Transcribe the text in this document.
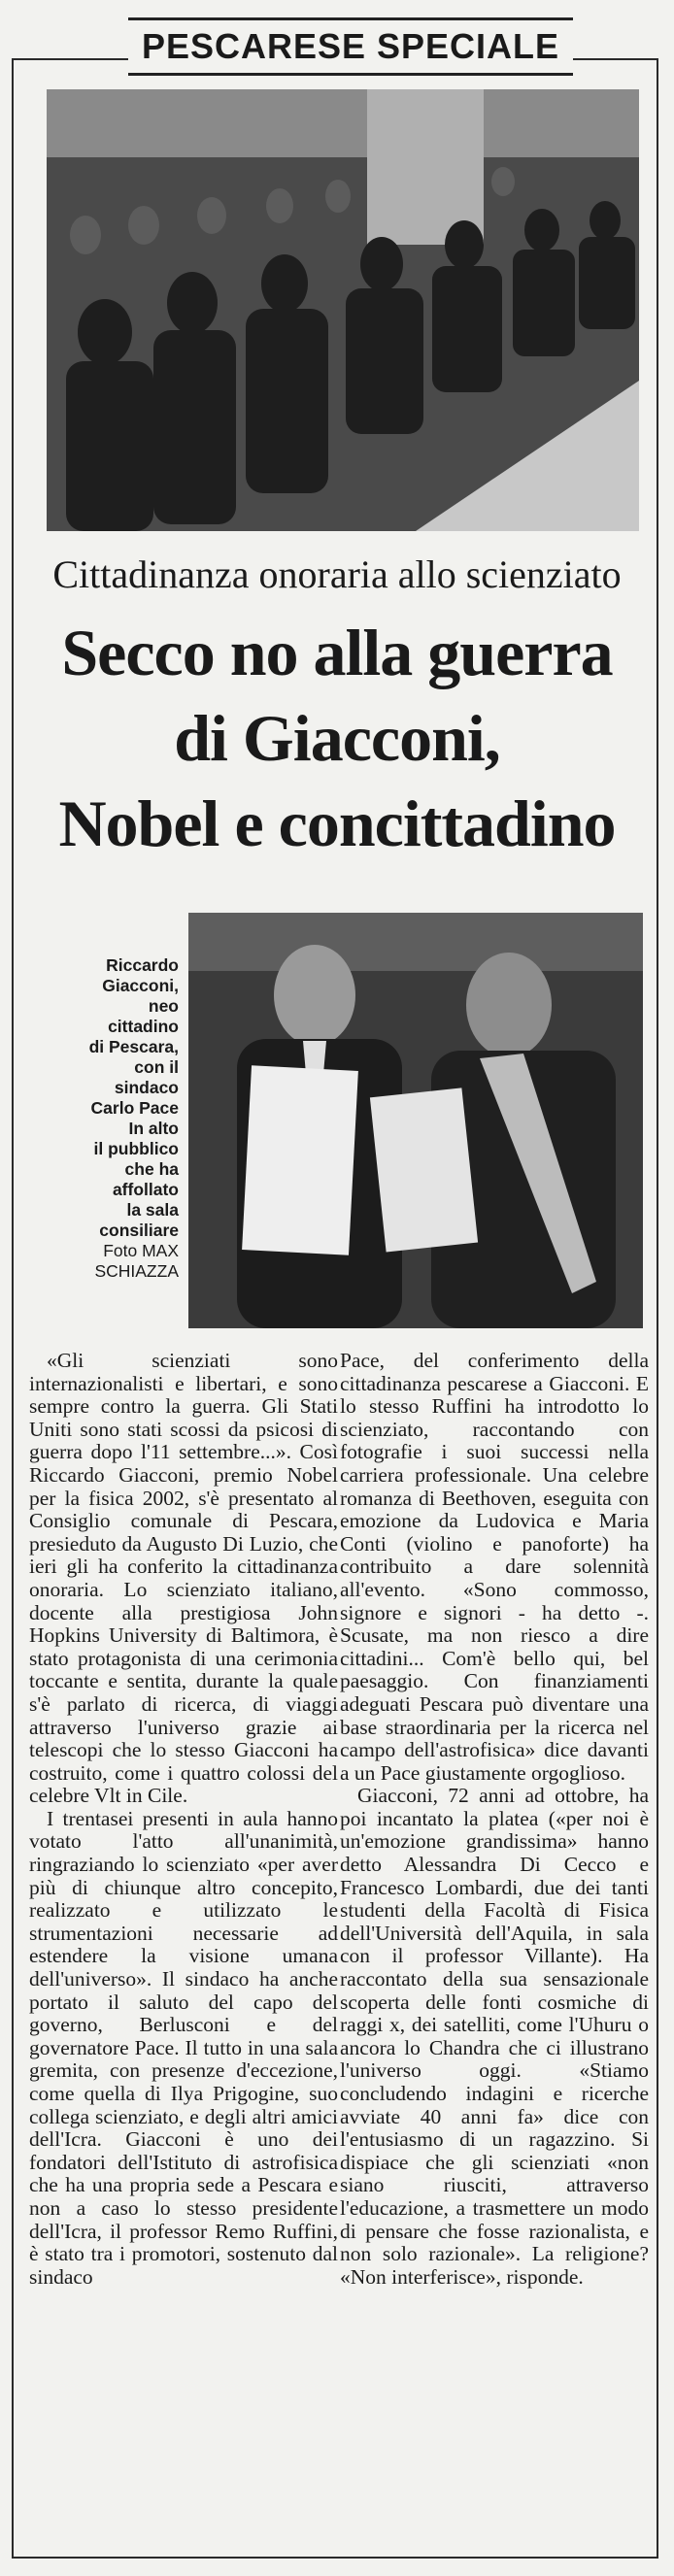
PESCARESE SPECIALE
Cittadinanza onoraria allo scienziato
Secco no alla guerra
di Giacconi,
Nobel e concittadino
Riccardo
Giacconi,
neo
cittadino
di Pescara,
con il
sindaco
Carlo Pace
In alto
il pubblico
che ha
affollato
la sala
consiliare
Foto MAX
SCHIAZZA

«Gli scienziati sono internazionalisti e libertari, e sono sempre contro la guerra. Gli Stati Uniti sono stati scossi da psicosi di guerra dopo l'11 settembre...». Così Riccardo Giacconi, premio Nobel per la fisica 2002, s'è presentato al Consiglio comunale di Pescara, presieduto da Augusto Di Luzio, che ieri gli ha conferito la cittadinanza onoraria. Lo scienziato italiano, docente alla prestigiosa John Hopkins University di Baltimora, è stato protagonista di una cerimonia toccante e sentita, durante la quale s'è parlato di ricerca, di viaggi attraverso l'universo grazie ai telescopi che lo stesso Giacconi ha costruito, come i quattro colossi del celebre Vlt in Cile.

I trentasei presenti in aula hanno votato l'atto all'unanimità, ringraziando lo scienziato «per aver più di chiunque altro concepito, realizzato e utilizzato le strumentazioni necessarie ad estendere la visione umana dell'universo». Il sindaco ha anche portato il saluto del capo del governo, Berlusconi e del governatore Pace. Il tutto in una sala gremita, con presenze d'eccezione, come quella di Ilya Prigogine, suo collega scienziato, e degli altri amici dell'Icra. Giacconi è uno dei fondatori dell'Istituto di astrofisica che ha una propria sede a Pescara e non a caso lo stesso presidente dell'Icra, il professor Remo Ruffini, è stato tra i promotori, sostenuto dal sindaco

Pace, del conferimento della cittadinanza pescarese a Giacconi. E lo stesso Ruffini ha introdotto lo scienziato, raccontando con fotografie i suoi successi nella carriera professionale. Una celebre romanza di Beethoven, eseguita con emozione da Ludovica e Maria Conti (violino e panoforte) ha contribuito a dare solennità all'evento. «Sono commosso, signore e signori - ha detto -. Scusate, ma non riesco a dire cittadini... Com'è bello qui, bel paesaggio. Con finanziamenti adeguati Pescara può diventare una base straordinaria per la ricerca nel campo dell'astrofisica» dice davanti a un Pace giustamente orgoglioso.

Giacconi, 72 anni ad ottobre, ha poi incantato la platea («per noi è un'emozione grandissima» hanno detto Alessandra Di Cecco e Francesco Lombardi, due dei tanti studenti della Facoltà di Fisica dell'Università dell'Aquila, in sala con il professor Villante). Ha raccontato della sua sensazionale scoperta delle fonti cosmiche di raggi x, dei satelliti, come l'Uhuru o ancora lo Chandra che ci illustrano l'universo oggi. «Stiamo concludendo indagini e ricerche avviate 40 anni fa» dice con l'entusiasmo di un ragazzino. Si dispiace che gli scienziati «non siano riusciti, attraverso l'educazione, a trasmettere un modo di pensare che fosse razionalista, e non solo razionale». La religione? «Non interferisce», risponde.
